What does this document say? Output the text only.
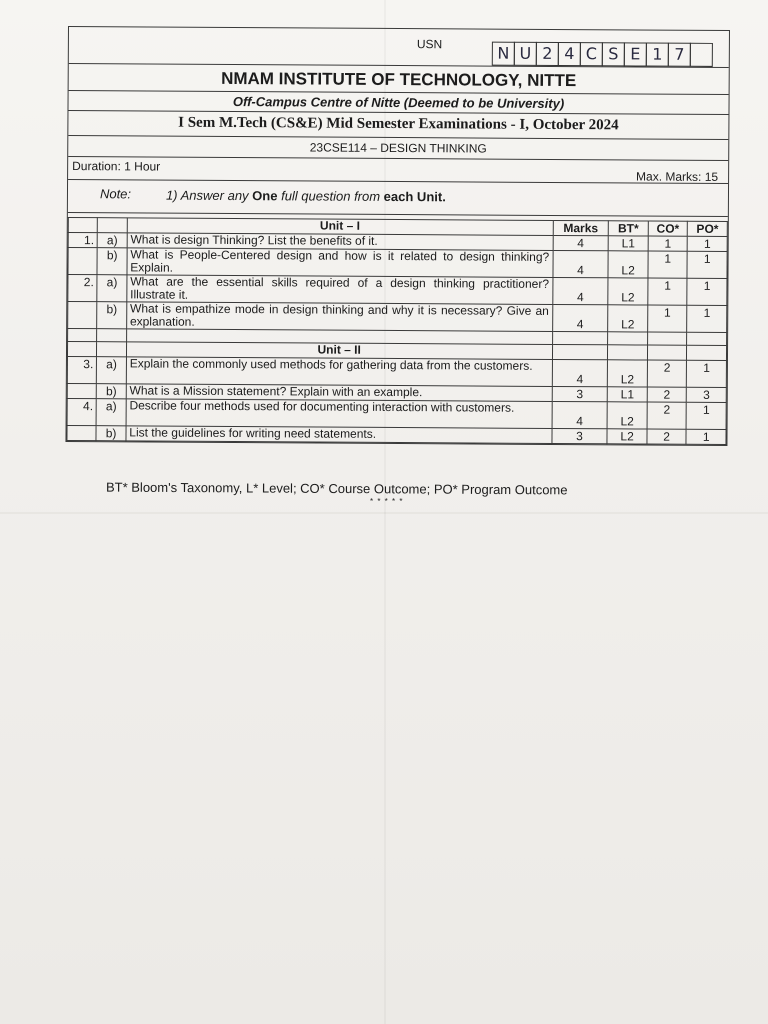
USN	N U 2 4 C S E 1 7
NMAM INSTITUTE OF TECHNOLOGY, NITTE
Off-Campus Centre of Nitte (Deemed to be University)
I Sem M.Tech (CS&E) Mid Semester Examinations - I, October 2024
23CSE114 – DESIGN THINKING
Duration: 1 Hour
Max. Marks: 15
Note:	1) Answer any One full question from each Unit.
		Unit – I	Marks	BT*	CO*	PO*
1.	a)	What is design Thinking? List the benefits of it.	4	L1	1	1
	b)	What is People-Centered design and how is it related to design thinking? Explain.	4	L2	1	1
2.	a)	What are the essential skills required of a design thinking practitioner? Illustrate it.	4	L2	1	1
	b)	What is empathize mode in design thinking and why it is necessary? Give an explanation.	4	L2	1	1

		Unit – II				
3.	a)	Explain the commonly used methods for gathering data from the customers.	4	L2	2	1
	b)	What is a Mission statement? Explain with an example.	3	L1	2	3
4.	a)	Describe four methods used for documenting interaction with customers.	4	L2	2	1
	b)	List the guidelines for writing need statements.	3	L2	2	1
BT* Bloom's Taxonomy, L* Level; CO* Course Outcome; PO* Program Outcome
* * * * *
